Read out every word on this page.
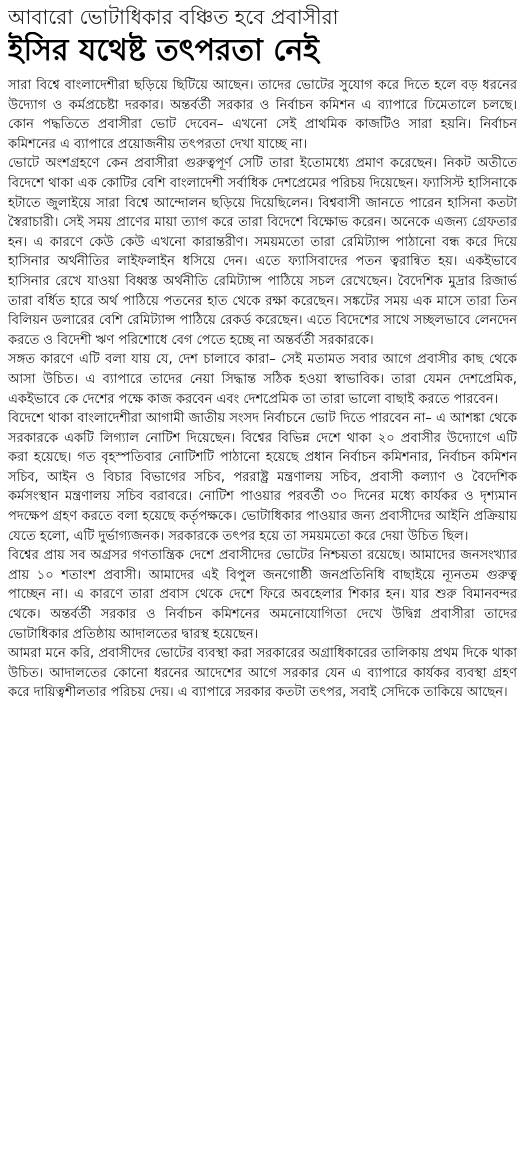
আবারো ভোটাধিকার বঞ্চিত হবে প্রবাসীরা
ইসির যথেষ্ট তৎপরতা নেই

সারা বিশ্বে বাংলাদেশীরা ছড়িয়ে ছিটিয়ে আছেন। তাদের ভোটের সুযোগ করে দিতে হলে বড় ধরনের উদ্যোগ ও কর্মপ্রচেষ্টা দরকার। অন্তর্বর্তী সরকার ও নির্বাচন কমিশন এ ব্যাপারে ঢিমেতালে চলছে। কোন পদ্ধতিতে প্রবাসীরা ভোট দেবেন– এখনো সেই প্রাথমিক কাজটিও সারা হয়নি। নির্বাচন কমিশনের এ ব্যাপারে প্রয়োজনীয় তৎপরতা দেখা যাচ্ছে না।

ভোটে অংশগ্রহণে কেন প্রবাসীরা গুরুত্বপূর্ণ সেটি তারা ইতোমধ্যে প্রমাণ করেছেন। নিকট অতীতে বিদেশে থাকা এক কোটির বেশি বাংলাদেশী সর্বাধিক দেশপ্রেমের পরিচয় দিয়েছেন। ফ্যাসিস্ট হাসিনাকে হটাতে জুলাইয়ে সারা বিশ্বে আন্দোলন ছড়িয়ে দিয়েছিলেন। বিশ্ববাসী জানতে পারেন হাসিনা কতটা স্বৈরাচারী। সেই সময় প্রাণের মায়া ত্যাগ করে তারা বিদেশে বিক্ষোভ করেন। অনেকে এজন্য গ্রেফতার হন। এ কারণে কেউ কেউ এখনো কারান্তরীণ। সময়মতো তারা রেমিট্যান্স পাঠানো বন্ধ করে দিয়ে হাসিনার অর্থনীতির লাইফলাইন ধসিয়ে দেন। এতে ফ্যাসিবাদের পতন ত্বরান্বিত হয়। একইভাবে হাসিনার রেখে যাওয়া বিধ্বস্ত অর্থনীতি রেমিট্যান্স পাঠিয়ে সচল রেখেছেন। বৈদেশিক মুদ্রার রিজার্ভ তারা বর্ধিত হারে অর্থ পাঠিয়ে পতনের হাত থেকে রক্ষা করেছেন। সঙ্কটের সময় এক মাসে তারা তিন বিলিয়ন ডলারের বেশি রেমিট্যান্স পাঠিয়ে রেকর্ড করেছেন। এতে বিদেশের সাথে সচ্ছলভাবে লেনদেন করতে ও বিদেশী ঋণ পরিশোধে বেগ পেতে হচ্ছে না অন্তর্বর্তী সরকারকে।

সঙ্গত কারণে এটি বলা যায় যে, দেশ চালাবে কারা– সেই মতামত সবার আগে প্রবাসীর কাছ থেকে আসা উচিত। এ ব্যাপারে তাদের নেয়া সিদ্ধান্ত সঠিক হওয়া স্বাভাবিক। তারা যেমন দেশপ্রেমিক, একইভাবে কে দেশের পক্ষে কাজ করবেন এবং দেশপ্রেমিক তা তারা ভালো বাছাই করতে পারবেন।

বিদেশে থাকা বাংলাদেশীরা আগামী জাতীয় সংসদ নির্বাচনে ভোট দিতে পারবেন না– এ আশঙ্কা থেকে সরকারকে একটি লিগ্যাল নোটিশ দিয়েছেন। বিশ্বের বিভিন্ন দেশে থাকা ২০ প্রবাসীর উদ্যোগে এটি করা হয়েছে। গত বৃহস্পতিবার নোটিশটি পাঠানো হয়েছে প্রধান নির্বাচন কমিশনার, নির্বাচন কমিশন সচিব, আইন ও বিচার বিভাগের সচিব, পররাষ্ট্র মন্ত্রণালয় সচিব, প্রবাসী কল্যাণ ও বৈদেশিক কর্মসংস্থান মন্ত্রণালয় সচিব বরাবরে। নোটিশ পাওয়ার পরবর্তী ৩০ দিনের মধ্যে কার্যকর ও দৃশ্যমান পদক্ষেপ গ্রহণ করতে বলা হয়েছে কর্তৃপক্ষকে। ভোটাধিকার পাওয়ার জন্য প্রবাসীদের আইনি প্রক্রিয়ায় যেতে হলো, এটি দুর্ভাগ্যজনক। সরকারকে তৎপর হয়ে তা সময়মতো করে দেয়া উচিত ছিল।

বিশ্বের প্রায় সব অগ্রসর গণতান্ত্রিক দেশে প্রবাসীদের ভোটের নিশ্চয়তা রয়েছে। আমাদের জনসংখ্যার প্রায় ১০ শতাংশ প্রবাসী। আমাদের এই বিপুল জনগোষ্ঠী জনপ্রতিনিধি বাছাইয়ে ন্যূনতম গুরুত্ব পাচ্ছেন না। এ কারণে তারা প্রবাস থেকে দেশে ফিরে অবহেলার শিকার হন। যার শুরু বিমানবন্দর থেকে। অন্তর্বর্তী সরকার ও নির্বাচন কমিশনের অমনোযোগিতা দেখে উদ্বিগ্ন প্রবাসীরা তাদের ভোটাধিকার প্রতিষ্ঠায় আদালতের দ্বারস্থ হয়েছেন।

আমরা মনে করি, প্রবাসীদের ভোটের ব্যবস্থা করা সরকারের অগ্রাধিকারের তালিকায় প্রথম দিকে থাকা উচিত। আদালতের কোনো ধরনের আদেশের আগে সরকার যেন এ ব্যাপারে কার্যকর ব্যবস্থা গ্রহণ করে দায়িত্বশীলতার পরিচয় দেয়। এ ব্যাপারে সরকার কতটা তৎপর, সবাই সেদিকে তাকিয়ে আছেন।
